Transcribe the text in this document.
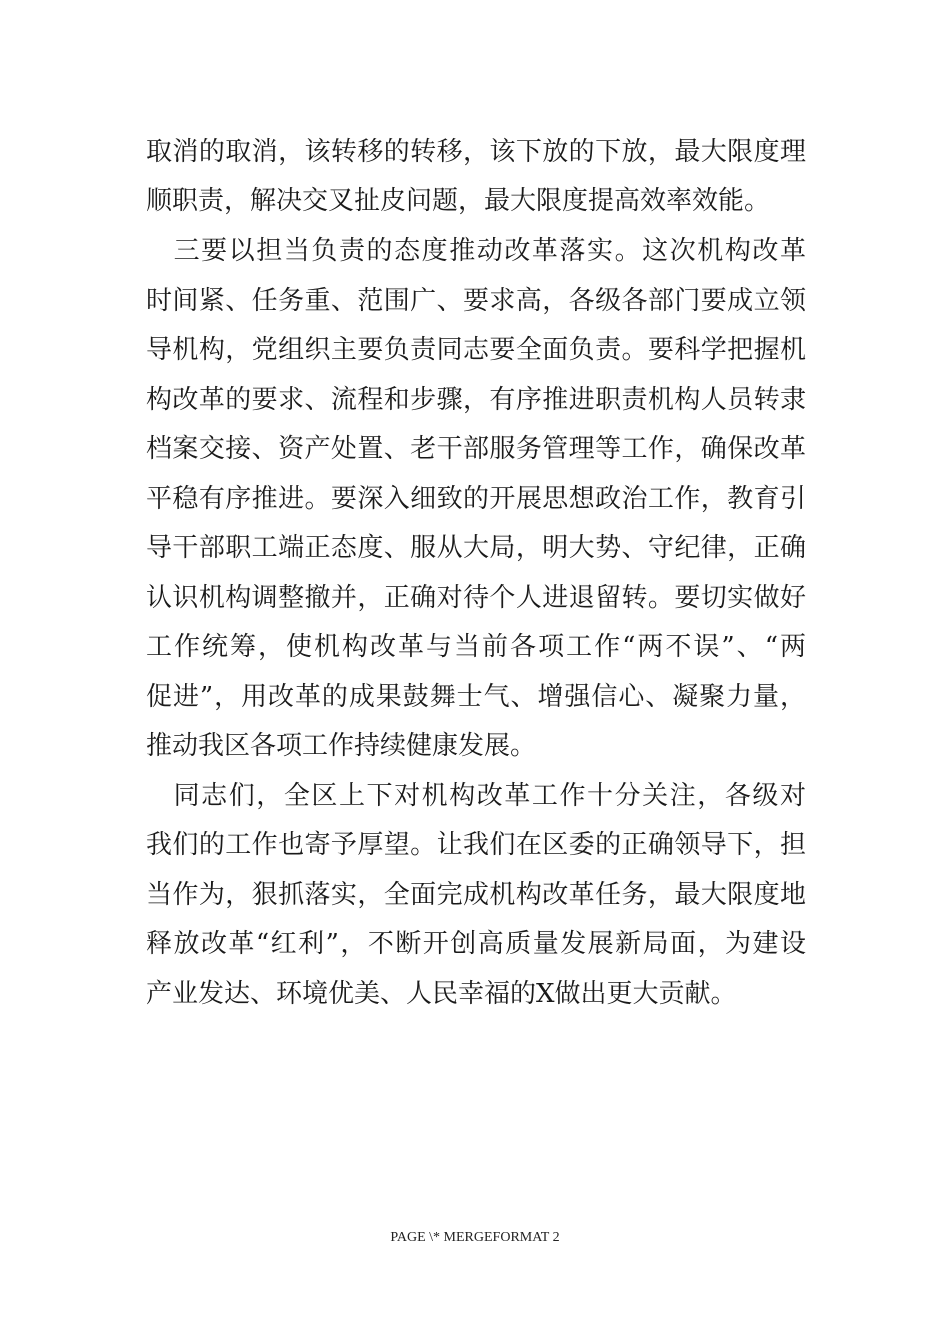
取消的取消，该转移的转移，该下放的下放，最大限度理
顺职责，解决交叉扯皮问题，最大限度提高效率效能。
　三要以担当负责的态度推动改革落实。这次机构改革
时间紧、任务重、范围广、要求高，各级各部门要成立领
导机构，党组织主要负责同志要全面负责。要科学把握机
构改革的要求、流程和步骤，有序推进职责机构人员转隶
档案交接、资产处置、老干部服务管理等工作，确保改革
平稳有序推进。要深入细致的开展思想政治工作，教育引
导干部职工端正态度、服从大局，明大势、守纪律，正确
认识机构调整撤并，正确对待个人进退留转。要切实做好
工作统筹，使机构改革与当前各项工作“两不误”、“两
促进”，用改革的成果鼓舞士气、增强信心、凝聚力量，
推动我区各项工作持续健康发展。
　同志们，全区上下对机构改革工作十分关注，各级对
我们的工作也寄予厚望。让我们在区委的正确领导下，担
当作为，狠抓落实，全面完成机构改革任务，最大限度地
释放改革“红利”，不断开创高质量发展新局面，为建设
产业发达、环境优美、人民幸福的X做出更大贡献。
PAGE \* MERGEFORMAT 2
